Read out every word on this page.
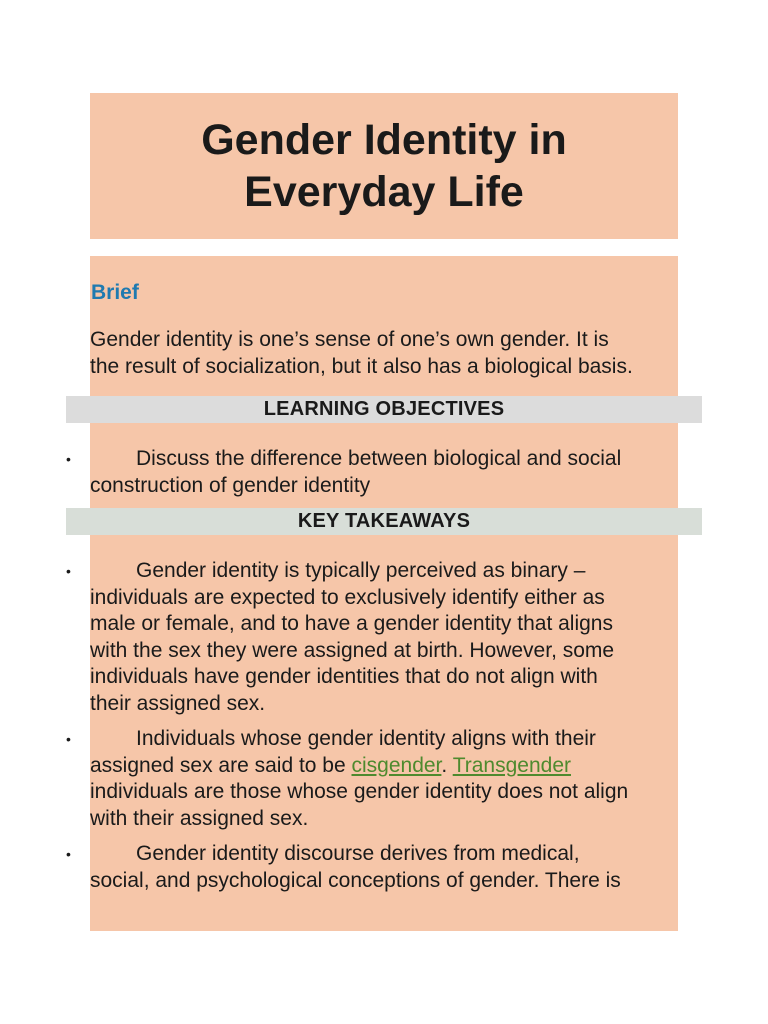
Gender Identity in
Everyday Life
Brief

Gender identity is one’s sense of one’s own gender. It is
the result of socialization, but it also has a biological basis.

LEARNING OBJECTIVES
•	Discuss the difference between biological and social
construction of gender identity

KEY TAKEAWAYS
•	Gender identity is typically perceived as binary –
individuals are expected to exclusively identify either as
male or female, and to have a gender identity that aligns
with the sex they were assigned at birth. However, some
individuals have gender identities that do not align with
their assigned sex.

•	Individuals whose gender identity aligns with their
assigned sex are said to be cisgender. Transgender
individuals are those whose gender identity does not align
with their assigned sex.

•	Gender identity discourse derives from medical,
social, and psychological conceptions of gender. There is
